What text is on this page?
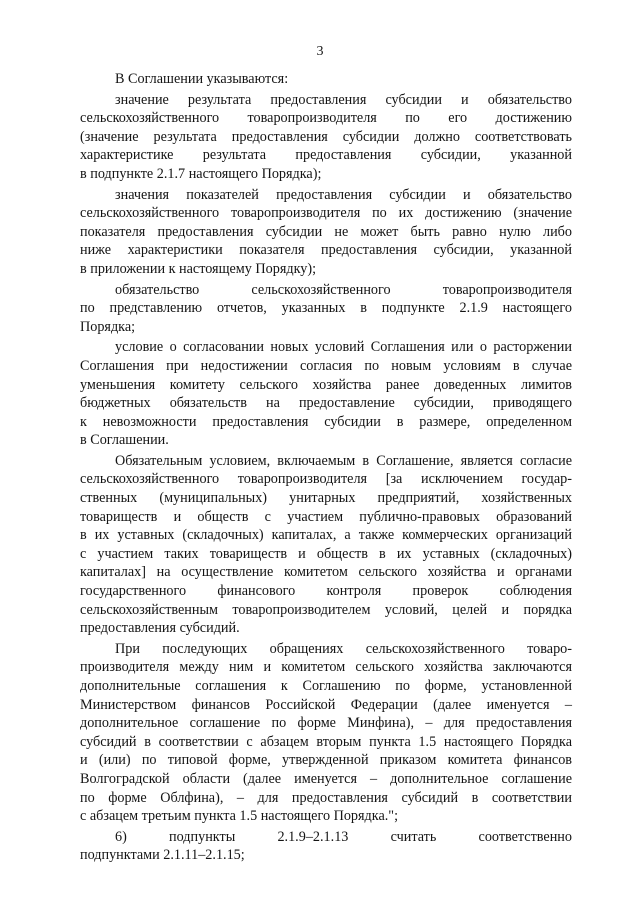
3
В Соглашении указываются:
значение результата предоставления субсидии и обязательство
сельскохозяйственного товаропроизводителя по его достижению
(значение результата предоставления субсидии должно соответствовать
характеристике результата предоставления субсидии, указанной
в подпункте 2.1.7 настоящего Порядка);
значения показателей предоставления субсидии и обязательство
сельскохозяйственного товаропроизводителя по их достижению (значение
показателя предоставления субсидии не может быть равно нулю либо
ниже характеристики показателя предоставления субсидии, указанной
в приложении к настоящему Порядку);
обязательство сельскохозяйственного товаропроизводителя
по представлению отчетов, указанных в подпункте 2.1.9 настоящего
Порядка;
условие о согласовании новых условий Соглашения или о расторжении
Соглашения при недостижении согласия по новым условиям в случае
уменьшения комитету сельского хозяйства ранее доведенных лимитов
бюджетных обязательств на предоставление субсидии, приводящего
к невозможности предоставления субсидии в размере, определенном
в Соглашении.
Обязательным условием, включаемым в Соглашение, является согласие
сельскохозяйственного товаропроизводителя [за исключением государ-
ственных (муниципальных) унитарных предприятий, хозяйственных
товариществ и обществ с участием публично-правовых образований
в их уставных (складочных) капиталах, а также коммерческих организаций
с участием таких товариществ и обществ в их уставных (складочных)
капиталах] на осуществление комитетом сельского хозяйства и органами
государственного финансового контроля проверок соблюдения
сельскохозяйственным товаропроизводителем условий, целей и порядка
предоставления субсидий.
При последующих обращениях сельскохозяйственного товаро-
производителя между ним и комитетом сельского хозяйства заключаются
дополнительные соглашения к Соглашению по форме, установленной
Министерством финансов Российской Федерации (далее именуется –
дополнительное соглашение по форме Минфина), – для предоставления
субсидий в соответствии с абзацем вторым пункта 1.5 настоящего Порядка
и (или) по типовой форме, утвержденной приказом комитета финансов
Волгоградской области (далее именуется – дополнительное соглашение
по форме Облфина), – для предоставления субсидий в соответствии
с абзацем третьим пункта 1.5 настоящего Порядка.";
6) подпункты 2.1.9–2.1.13 считать соответственно
подпунктами 2.1.11–2.1.15;
